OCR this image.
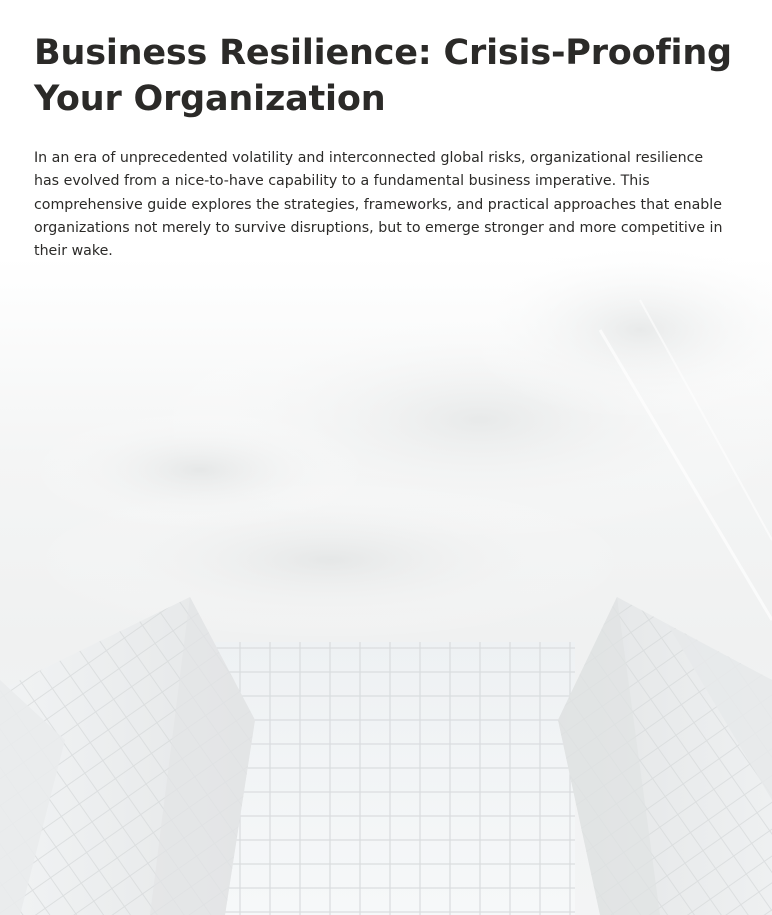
Business Resilience: Crisis-Proofing
Your Organization

In an era of unprecedented volatility and interconnected global risks, organizational resilience has evolved from a nice-to-have capability to a fundamental business imperative. This comprehensive guide explores the strategies, frameworks, and practical approaches that enable organizations not merely to survive disruptions, but to emerge stronger and more competitive in their wake.
